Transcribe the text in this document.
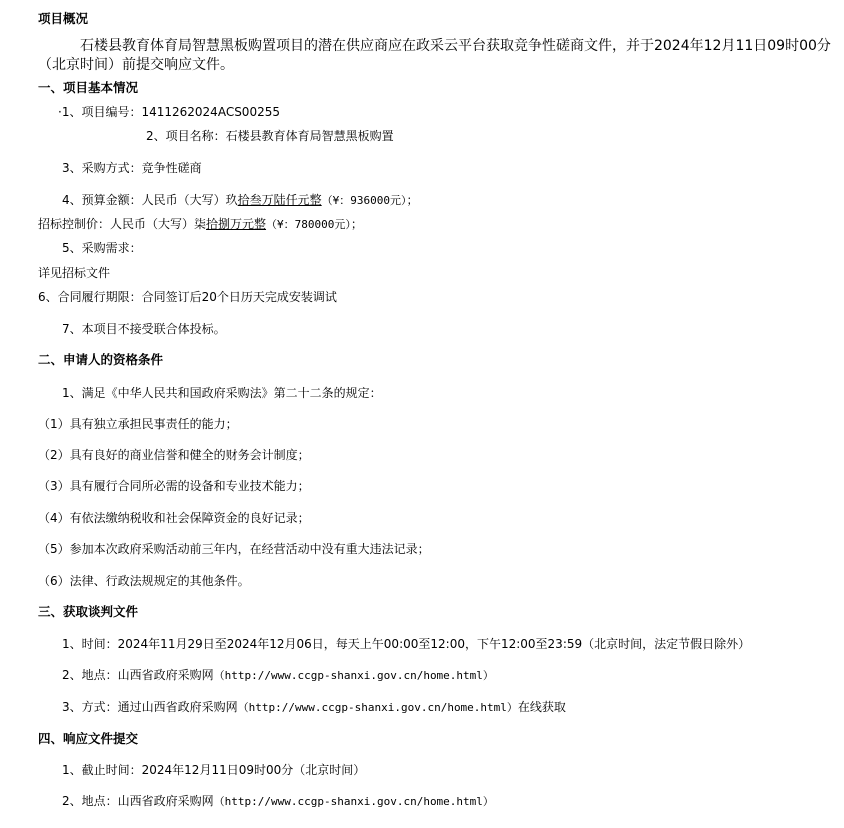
项目概况
石楼县教育体育局智慧黑板购置项目的潜在供应商应在政采云平台获取竞争性磋商文件，并于2024年12月11日09时00分
（北京时间）前提交响应文件。
一、项目基本情况
·1、项目编号：1411262024ACS00255
2、项目名称：石楼县教育体育局智慧黑板购置
3、采购方式：竞争性磋商
4、预算金额：人民币（大写）玖拾叁万陆仟元整（¥：936000元）；
招标控制价：人民币（大写）柒拾捌万元整（¥：780000元）；
5、采购需求：
详见招标文件
6、合同履行期限：合同签订后20个日历天完成安装调试
7、本项目不接受联合体投标。
二、申请人的资格条件
1、满足《中华人民共和国政府采购法》第二十二条的规定：
（1）具有独立承担民事责任的能力；
（2）具有良好的商业信誉和健全的财务会计制度；
（3）具有履行合同所必需的设备和专业技术能力；
（4）有依法缴纳税收和社会保障资金的良好记录；
（5）参加本次政府采购活动前三年内，在经营活动中没有重大违法记录；
（6）法律、行政法规规定的其他条件。
三、获取谈判文件
1、时间：2024年11月29日至2024年12月06日，每天上午00:00至12:00，下午12:00至23:59（北京时间，法定节假日除外）
2、地点：山西省政府采购网（http://www.ccgp-shanxi.gov.cn/home.html）
3、方式：通过山西省政府采购网（http://www.ccgp-shanxi.gov.cn/home.html）在线获取
四、响应文件提交
1、截止时间：2024年12月11日09时00分（北京时间）
2、地点：山西省政府采购网（http://www.ccgp-shanxi.gov.cn/home.html）
